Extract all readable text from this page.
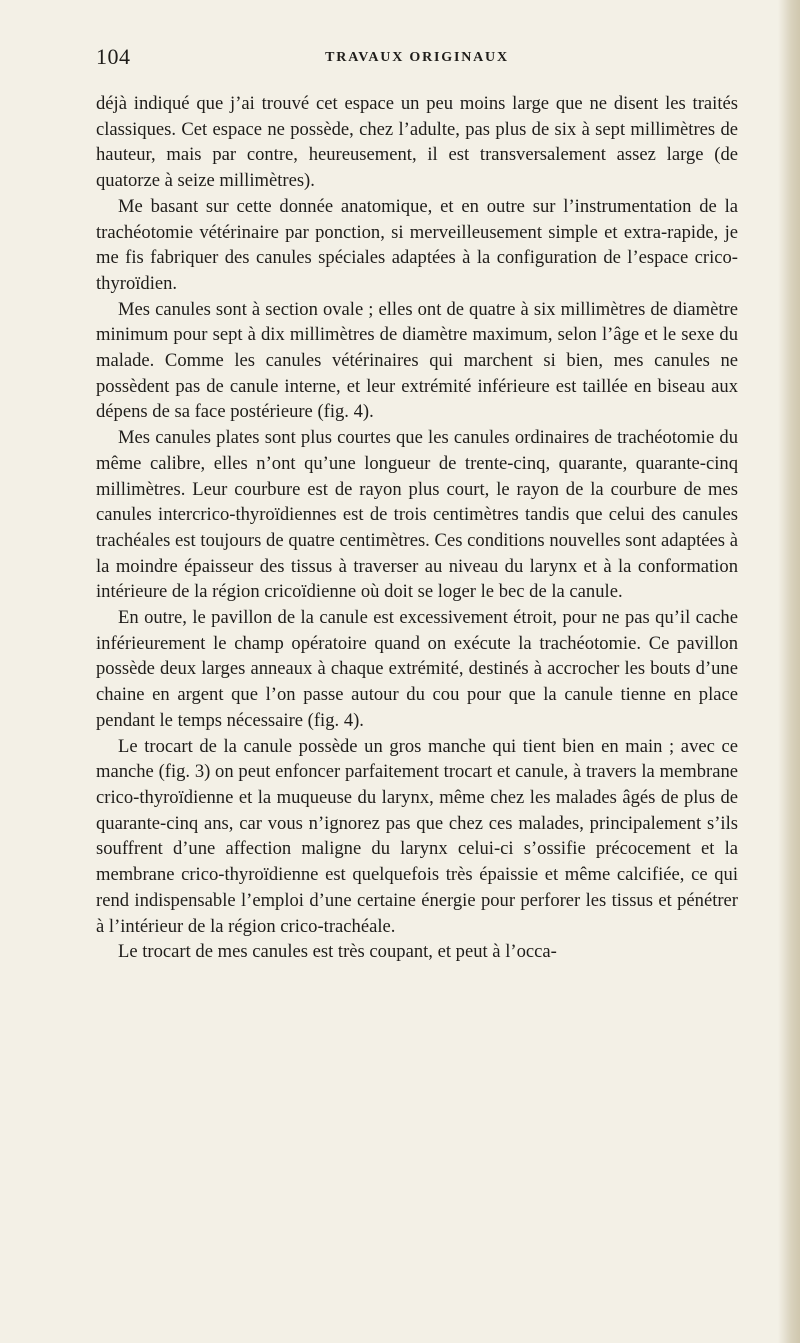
104	TRAVAUX ORIGINAUX

déjà indiqué que j’ai trouvé cet espace un peu moins large que ne disent les traités classiques. Cet espace ne possède, chez l’adulte, pas plus de six à sept millimètres de hauteur, mais par contre, heureusement, il est transversalement assez large (de quatorze à seize millimètres).

Me basant sur cette donnée anatomique, et en outre sur l’instrumentation de la trachéotomie vétérinaire par ponction, si merveilleusement simple et extra-rapide, je me fis fabriquer des canules spéciales adaptées à la configuration de l’espace crico-thyroïdien.

Mes canules sont à section ovale ; elles ont de quatre à six millimètres de diamètre minimum pour sept à dix millimètres de diamètre maximum, selon l’âge et le sexe du malade. Comme les canules vétérinaires qui marchent si bien, mes canules ne possèdent pas de canule interne, et leur extrémité inférieure est taillée en biseau aux dépens de sa face postérieure (fig. 4).

Mes canules plates sont plus courtes que les canules ordinaires de trachéotomie du même calibre, elles n’ont qu’une longueur de trente-cinq, quarante, quarante-cinq millimètres. Leur courbure est de rayon plus court, le rayon de la courbure de mes canules intercrico-thyroïdiennes est de trois centimètres tandis que celui des canules trachéales est toujours de quatre centimètres. Ces conditions nouvelles sont adaptées à la moindre épaisseur des tissus à traverser au niveau du larynx et à la conformation intérieure de la région cricoïdienne où doit se loger le bec de la canule.

En outre, le pavillon de la canule est excessivement étroit, pour ne pas qu’il cache inférieurement le champ opératoire quand on exécute la trachéotomie. Ce pavillon possède deux larges anneaux à chaque extrémité, destinés à accrocher les bouts d’une chaine en argent que l’on passe autour du cou pour que la canule tienne en place pendant le temps nécessaire (fig. 4).

Le trocart de la canule possède un gros manche qui tient bien en main ; avec ce manche (fig. 3) on peut enfoncer parfaitement trocart et canule, à travers la membrane crico-thyroïdienne et la muqueuse du larynx, même chez les malades âgés de plus de quarante-cinq ans, car vous n’ignorez pas que chez ces malades, principalement s’ils souffrent d’une affection maligne du larynx celui-ci s’ossifie précocement et la membrane crico-thyroïdienne est quelquefois très épaissie et même calcifiée, ce qui rend indispensable l’emploi d’une certaine énergie pour perforer les tissus et pénétrer à l’intérieur de la région crico-trachéale.

Le trocart de mes canules est très coupant, et peut à l’occa-
